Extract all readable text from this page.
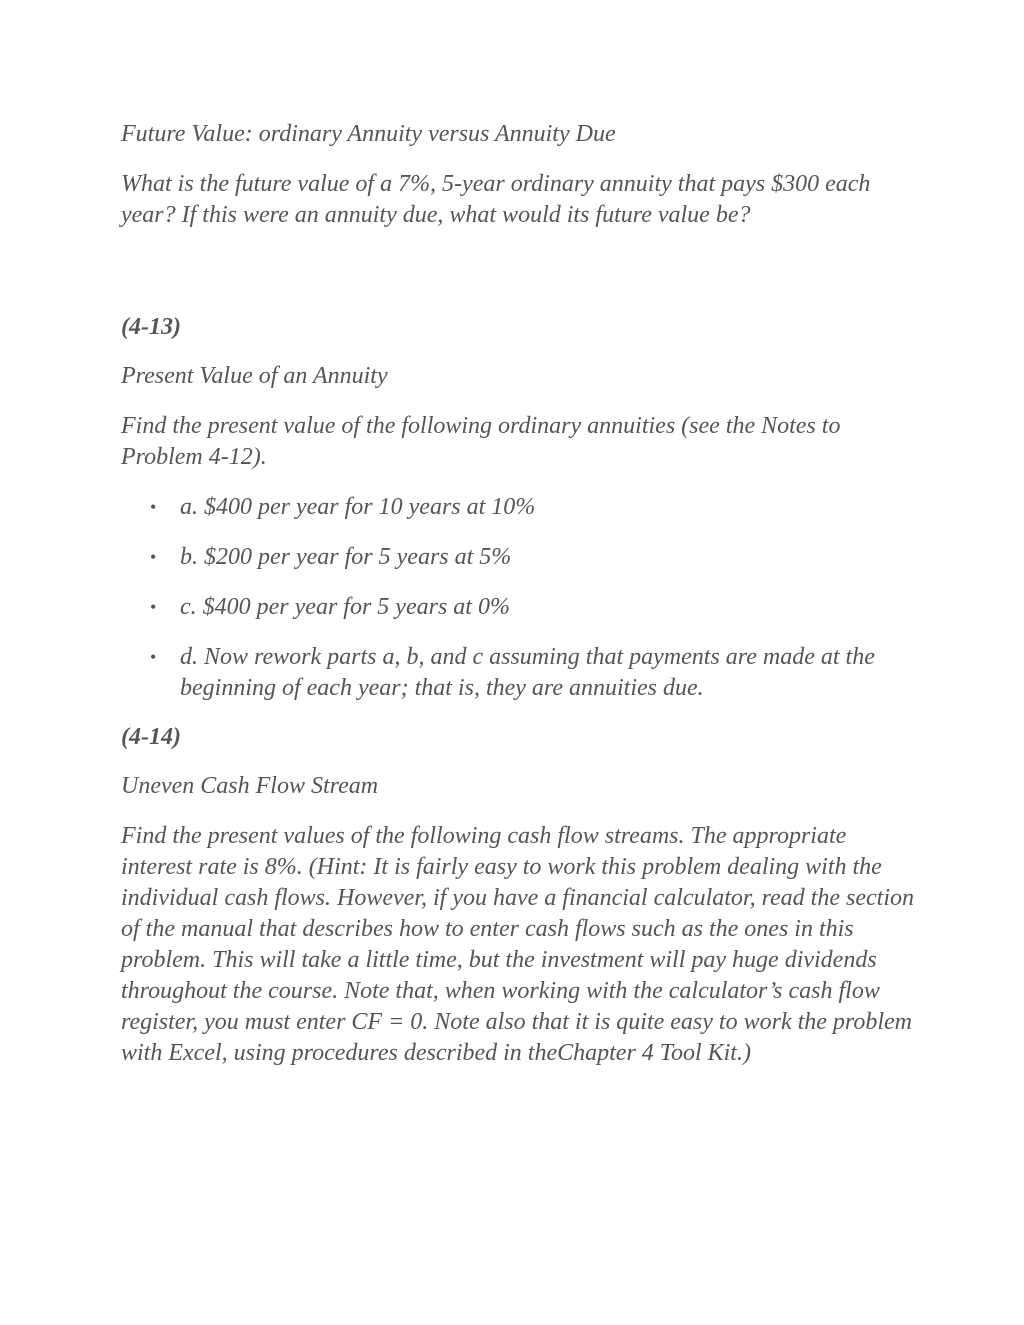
Future Value: ordinary Annuity versus Annuity Due

What is the future value of a 7%, 5-year ordinary annuity that pays $300 each year? If this were an annuity due, what would its future value be?

(4-13)

Present Value of an Annuity

Find the present value of the following ordinary annuities (see the Notes to Problem 4-12).

• a. $400 per year for 10 years at 10%
• b. $200 per year for 5 years at 5%
• c. $400 per year for 5 years at 0%
• d. Now rework parts a, b, and c assuming that payments are made at the beginning of each year; that is, they are annuities due.

(4-14)

Uneven Cash Flow Stream

Find the present values of the following cash flow streams. The appropriate interest rate is 8%. (Hint: It is fairly easy to work this problem dealing with the individual cash flows. However, if you have a financial calculator, read the section of the manual that describes how to enter cash flows such as the ones in this problem. This will take a little time, but the investment will pay huge dividends throughout the course. Note that, when working with the calculator’s cash flow register, you must enter CF = 0. Note also that it is quite easy to work the problem with Excel, using procedures described in theChapter 4 Tool Kit.)
